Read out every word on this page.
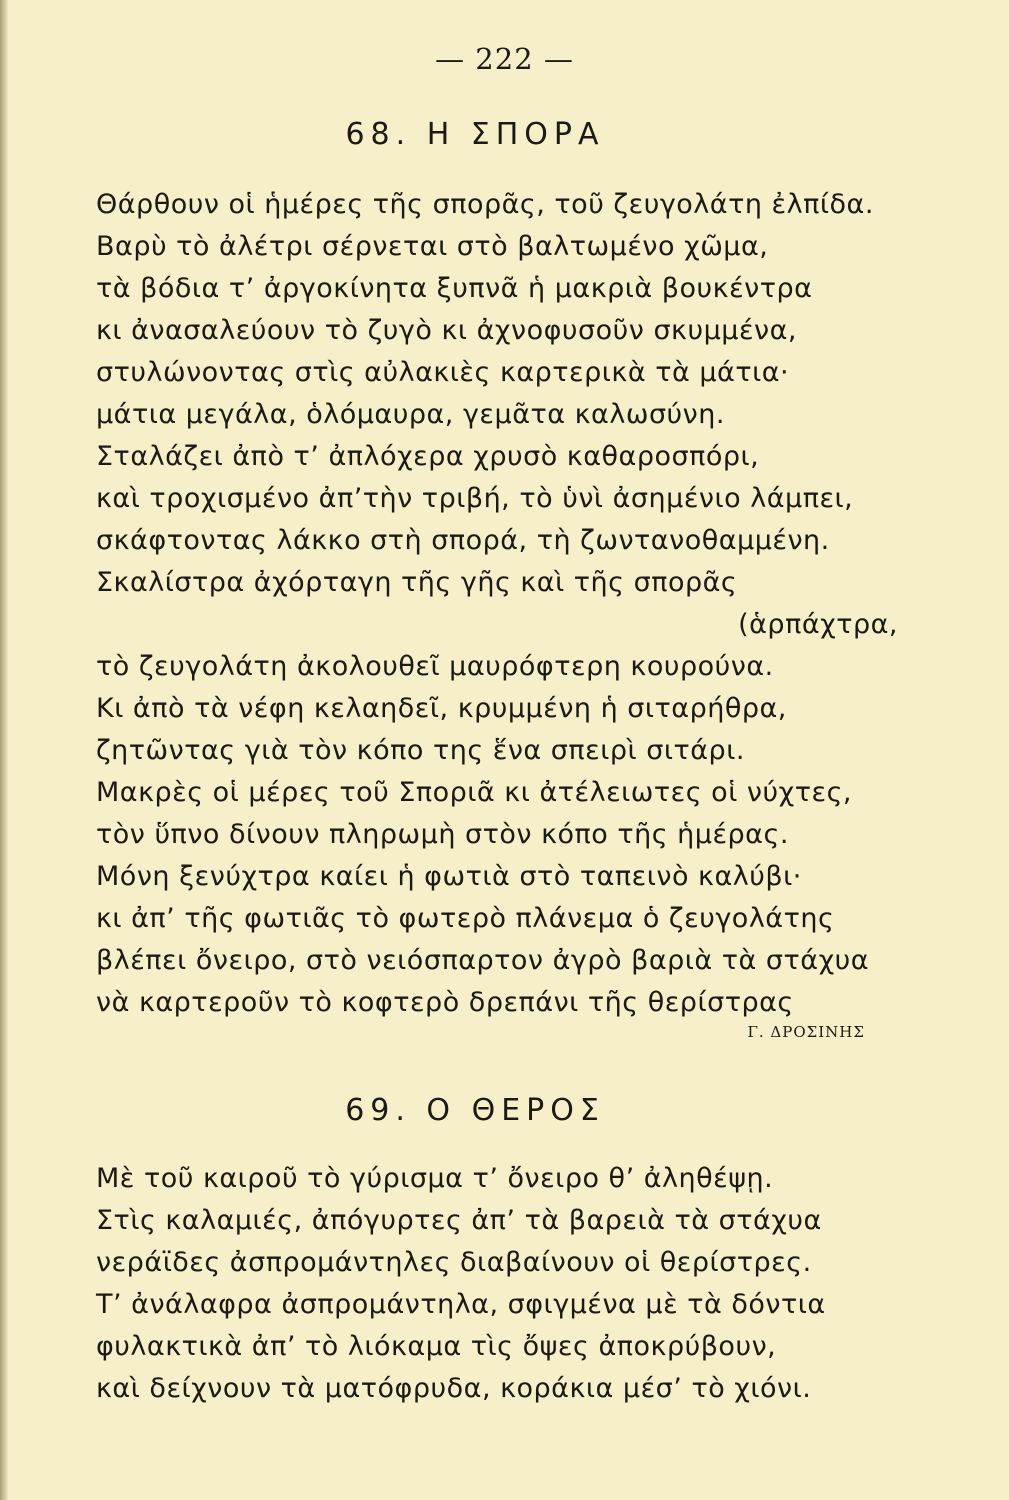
— 222 —
68. Η ΣΠΟΡΑ
Θάρθουν οἱ ἡμέρες τῆς σπορᾶς, τοῦ ζευγολάτη ἐλπίδα.
Βαρὺ τὸ ἀλέτρι σέρνεται στὸ βαλτωμένο χῶμα,
τὰ βόδια τ’ ἀργοκίνητα ξυπνᾶ ἡ μακριὰ βουκέντρα
κι ἀνασαλεύουν τὸ ζυγὸ κι ἀχνοφυσοῦν σκυμμένα,
στυλώνοντας στὶς αὐλακιὲς καρτερικὰ τὰ μάτια·
μάτια μεγάλα, ὁλόμαυρα, γεμᾶτα καλωσύνη.
Σταλάζει ἀπὸ τ’ ἀπλόχερα χρυσὸ καθαροσπόρι,
καὶ τροχισμένο ἀπ’τὴν τριβή, τὸ ὑνὶ ἀσημένιο λάμπει,
σκάφτοντας λάκκο στὴ σπορά, τὴ ζωντανοθαμμένη.
Σκαλίστρα ἀχόρταγη τῆς γῆς καὶ τῆς σπορᾶς
(ἁρπάχτρα,
τὸ ζευγολάτη ἀκολουθεῖ μαυρόφτερη κουρούνα.
Κι ἀπὸ τὰ νέφη κελαηδεῖ, κρυμμένη ἡ σιταρήθρα,
ζητῶντας γιὰ τὸν κόπο της ἕνα σπειρὶ σιτάρι.
Μακρὲς οἱ μέρες τοῦ Σποριᾶ κι ἀτέλειωτες οἱ νύχτες,
τὸν ὕπνο δίνουν πληρωμὴ στὸν κόπο τῆς ἡμέρας.
Μόνη ξενύχτρα καίει ἡ φωτιὰ στὸ ταπεινὸ καλύβι·
κι ἀπ’ τῆς φωτιᾶς τὸ φωτερὸ πλάνεμα ὁ ζευγολάτης
βλέπει ὄνειρο, στὸ νειόσπαρτον ἀγρὸ βαριὰ τὰ στάχυα
νὰ καρτεροῦν τὸ κοφτερὸ δρεπάνι τῆς θερίστρας
Γ. ΔΡΟΣΙΝΗΣ
69. Ο ΘΕΡΟΣ
Μὲ τοῦ καιροῦ τὸ γύρισμα τ’ ὄνειρο θ’ ἀληθέψῃ.
Στὶς καλαμιές, ἀπόγυρτες ἀπ’ τὰ βαρειὰ τὰ στάχυα
νεράϊδες ἀσπρομάντηλες διαβαίνουν οἱ θερίστρες.
Τ’ ἀνάλαφρα ἀσπρομάντηλα, σφιγμένα μὲ τὰ δόντια
φυλακτικὰ ἀπ’ τὸ λιόκαμα τὶς ὄψες ἀποκρύβουν,
καὶ δείχνουν τὰ ματόφρυδα, κοράκια μέσ’ τὸ χιόνι.
